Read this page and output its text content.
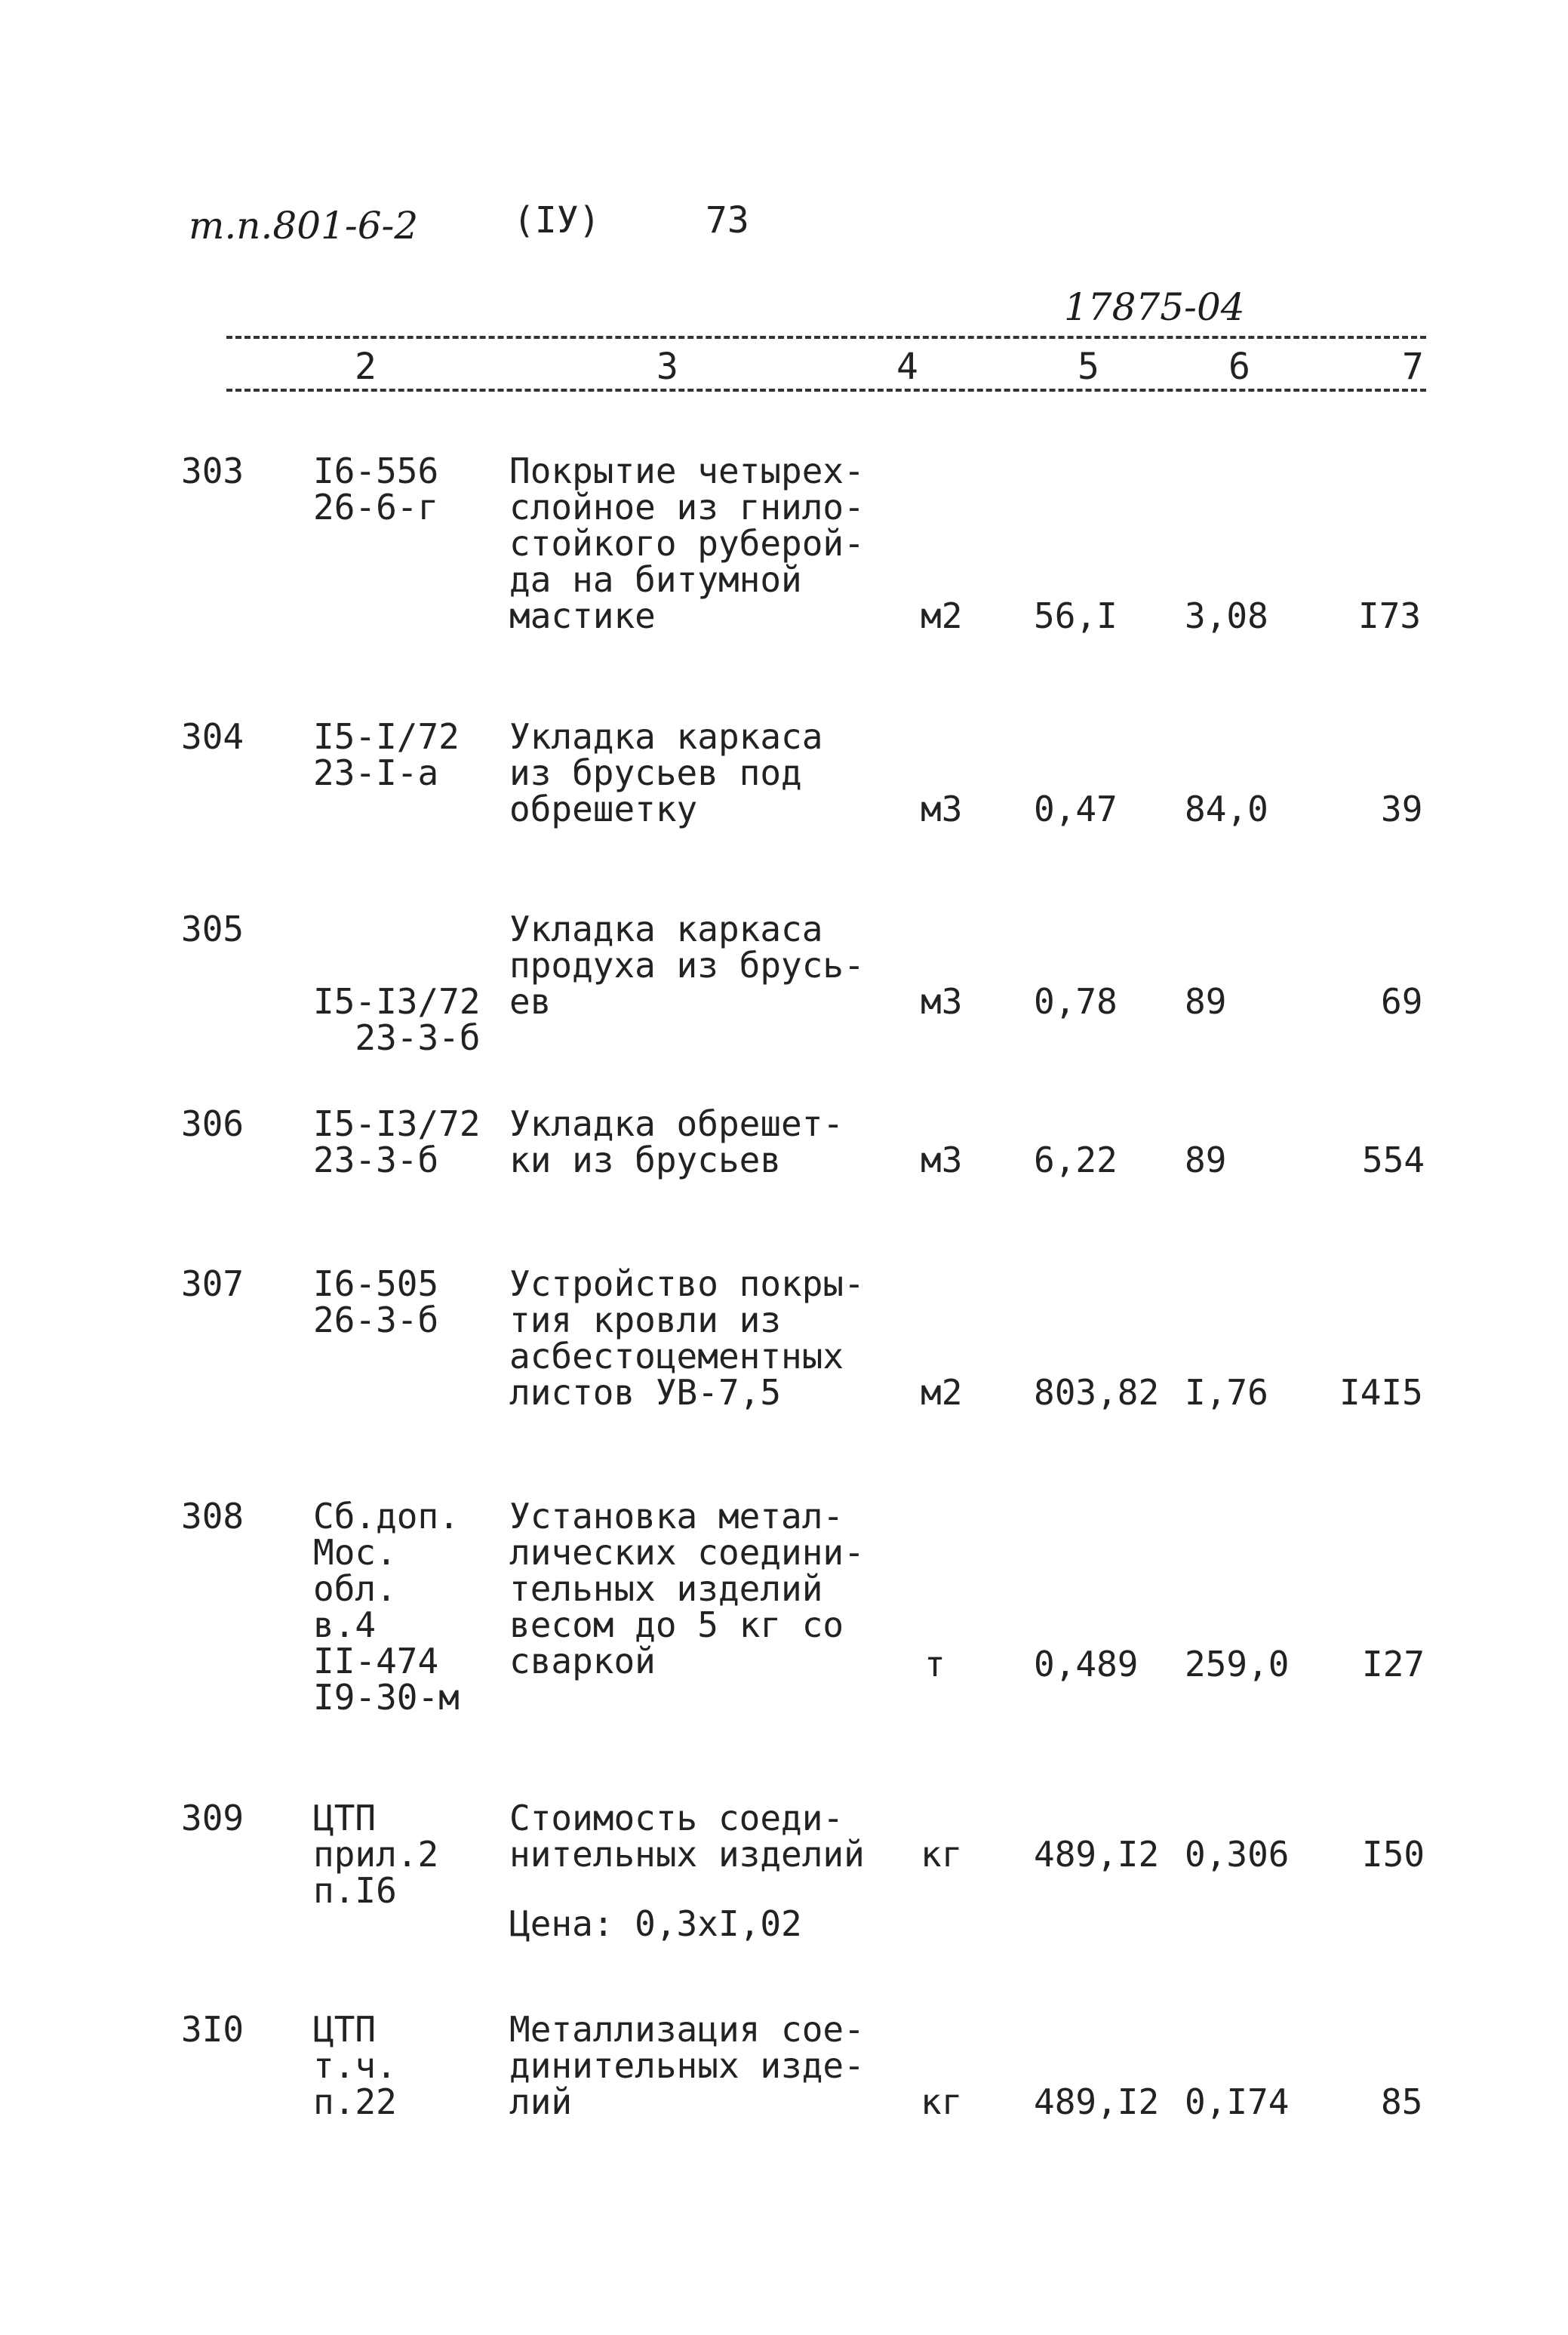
т.п.801-6-2	(IУ)	73
17875-04
2	3	4	5	6	7
303 I6-556
26-6-г
Покрытие четырех-
слойное из гнило-
стойкого руберой-
да на битумной
мастике	м2 56,I 3,08	I73
304 I5-I/72
23-I-а
Укладка каркаса
из брусьев под
обрешетку	м3 0,47 84,0	39
305

I5-I3/72
23-3-б

Укладка каркаса
продуха из брусь-
ев	м3 0,78 89	69
306 I5-I3/72
23-3-б
Укладка обрешет-
ки из брусьев	м3 6,22 89	554
307 I6-505
26-3-б
Устройство покры-
тия кровли из
асбестоцементных
листов УВ-7,5	м2 803,82 I,76 I4I5
308 Сб.доп.
Мос.
обл.
в.4
II-474
I9-30-м
Установка метал-
лических соедини-
тельных изделий
весом до 5 кг со
сваркой	т	0,489 259,0 I27
309 ЦТП
прил.2
п.I6
Стоимость соеди-
нительных изделий
Цена: 0,3хI,02
кг 489,I2 0,306 I50
3I0 ЦТП
т.ч.
п.22
Металлизация сое-
динительных изде-
лий	кг 489,I2 0,I74	85
